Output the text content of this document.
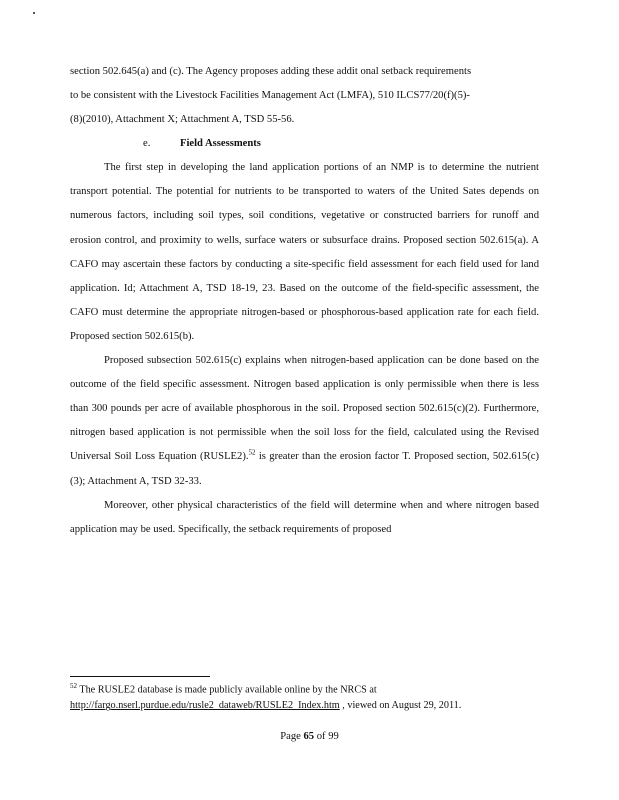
section 502.645(a) and (c). The Agency proposes adding these addit onal setback requirements

to be consistent with the Livestock Facilities Management Act (LMFA), 510 ILCS77/20(f)(5)-

(8)(2010), Attachment X; Attachment A, TSD 55-56.

e.	Field Assessments

The first step in developing the land application portions of an NMP is to determine the nutrient transport potential. The potential for nutrients to be transported to waters of the United Sates depends on numerous factors, including soil types, soil conditions, vegetative or constructed barriers for runoff and erosion control, and proximity to wells, surface waters or subsurface drains. Proposed section 502.615(a). A CAFO may ascertain these factors by conducting a site-specific field assessment for each field used for land application. Id; Attachment A, TSD 18-19, 23. Based on the outcome of the field-specific assessment, the CAFO must determine the appropriate nitrogen-based or phosphorous-based application rate for each field. Proposed section 502.615(b).

Proposed subsection 502.615(c) explains when nitrogen-based application can be done based on the outcome of the field specific assessment. Nitrogen based application is only permissible when there is less than 300 pounds per acre of available phosphorous in the soil. Proposed section 502.615(c)(2). Furthermore, nitrogen based application is not permissible when the soil loss for the field, calculated using the Revised Universal Soil Loss Equation (RUSLE2).$^{52}$ is greater than the erosion factor T. Proposed section, 502.615(c)(3); Attachment A, TSD 32-33.

Moreover, other physical characteristics of the field will determine when and where nitrogen based application may be used. Specifically, the setback requirements of proposed

$^{52}$ The RUSLE2 database is made publicly available online by the NRCS at
http://fargo.nserl.purdue.edu/rusle2_dataweb/RUSLE2_Index.htm , viewed on August 29, 2011.
Page 65 of 99
